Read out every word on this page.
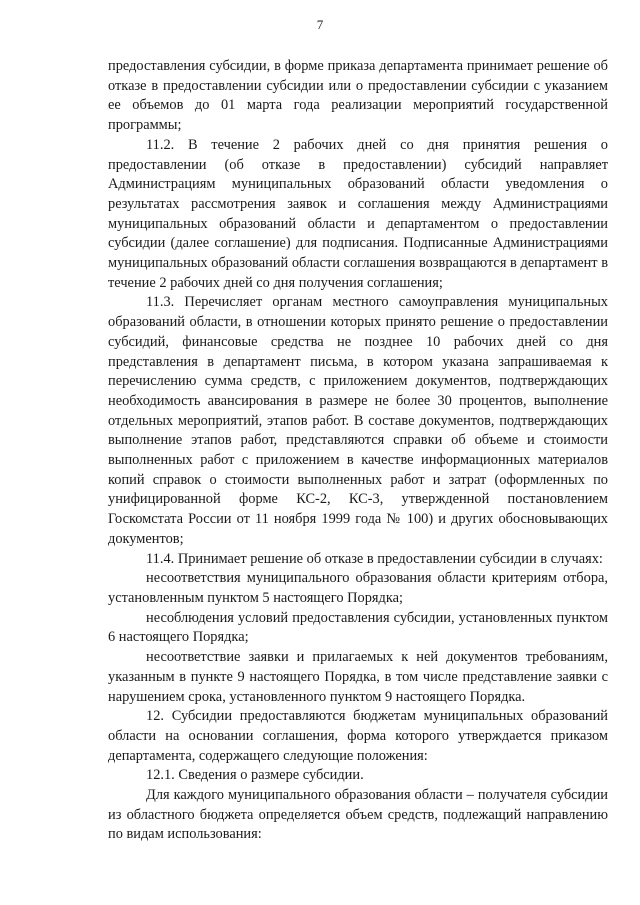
7

предоставления субсидии, в форме приказа департамента принимает решение об отказе в предоставлении субсидии или о предоставлении субсидии с указанием ее объемов до 01 марта года реализации мероприятий государственной программы;

11.2. В течение 2 рабочих дней со дня принятия решения о предоставлении (об отказе в предоставлении) субсидий направляет Администрациям муниципальных образований области уведомления о результатах рассмотрения заявок и соглашения между Администрациями муниципальных образований области и департаментом о предоставлении субсидии (далее соглашение) для подписания. Подписанные Администрациями муниципальных образований области соглашения возвращаются в департамент в течение 2 рабочих дней со дня получения соглашения;

11.3. Перечисляет органам местного самоуправления муниципальных образований области, в отношении которых принято решение о предоставлении субсидий, финансовые средства не позднее 10 рабочих дней со дня представления в департамент письма, в котором указана запрашиваемая к перечислению сумма средств, с приложением документов, подтверждающих необходимость авансирования в размере не более 30 процентов, выполнение отдельных мероприятий, этапов работ. В составе документов, подтверждающих выполнение этапов работ, представляются справки об объеме и стоимости выполненных работ с приложением в качестве информационных материалов копий справок о стоимости выполненных работ и затрат (оформленных по унифицированной форме КС-2, КС-3, утвержденной постановлением Госкомстата России от 11 ноября 1999 года № 100) и других обосновывающих документов;

11.4. Принимает решение об отказе в предоставлении субсидии в случаях:

несоответствия муниципального образования области критериям отбора, установленным пунктом 5 настоящего Порядка;

несоблюдения условий предоставления субсидии, установленных пунктом 6 настоящего Порядка;

несоответствие заявки и прилагаемых к ней документов требованиям, указанным в пункте 9 настоящего Порядка, в том числе представление заявки с нарушением срока, установленного пунктом 9 настоящего Порядка.

12. Субсидии предоставляются бюджетам муниципальных образований области на основании соглашения, форма которого утверждается приказом департамента, содержащего следующие положения:

12.1. Сведения о размере субсидии.

Для каждого муниципального образования области – получателя субсидии из областного бюджета определяется объем средств, подлежащий направлению по видам использования:
